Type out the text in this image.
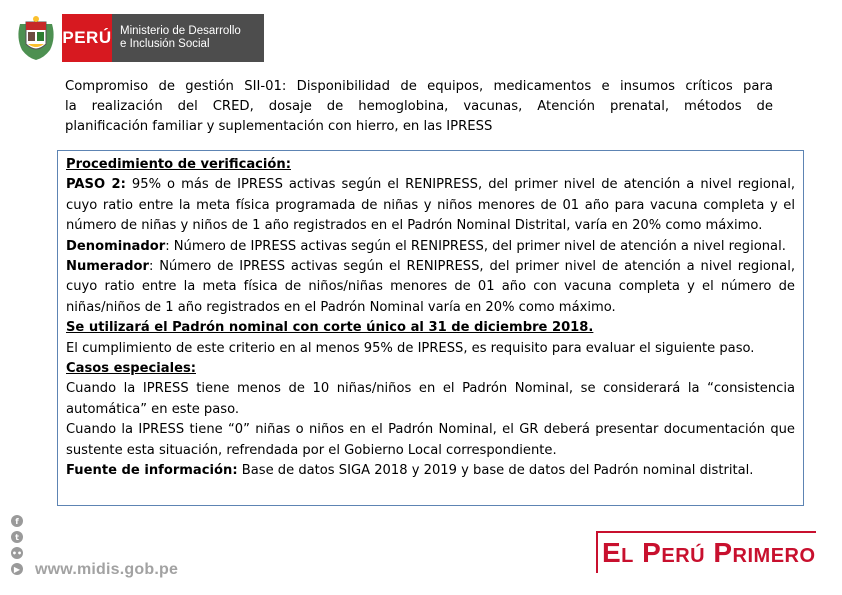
PERÚ Ministerio de Desarrollo
e Inclusión Social
Compromiso de gestión SII-01: Disponibilidad de equipos, medicamentos e insumos críticos para
la realización del CRED, dosaje de hemoglobina, vacunas, Atención prenatal, métodos de
planificación familiar y suplementación con hierro, en las IPRESS

Procedimiento de verificación:

PASO 2: 95% o más de IPRESS activas según el RENIPRESS, del primer nivel de atención a nivel regional, cuyo ratio entre la meta física programada de niñas y niños menores de 01 año para vacuna completa y el número de niñas y niños de 1 año registrados en el Padrón Nominal Distrital, varía en 20% como máximo.

Denominador: Número de IPRESS activas según el RENIPRESS, del primer nivel de atención a nivel regional.

Numerador: Número de IPRESS activas según el RENIPRESS, del primer nivel de atención a nivel regional, cuyo ratio entre la meta física de niños/niñas menores de 01 año con vacuna completa y el número de niñas/niños de 1 año registrados en el Padrón Nominal varía en 20% como máximo.

Se utilizará el Padrón nominal con corte único al 31 de diciembre 2018.

El cumplimiento de este criterio en al menos 95% de IPRESS, es requisito para evaluar el siguiente paso.

Casos especiales:

Cuando la IPRESS tiene menos de 10 niñas/niños en el Padrón Nominal, se considerará la “consistencia automática” en este paso.

Cuando la IPRESS tiene “0” niñas o niños en el Padrón Nominal, el GR deberá presentar documentación que sustente esta situación, refrendada por el Gobierno Local correspondiente.

Fuente de información: Base de datos SIGA 2018 y 2019 y base de datos del Padrón nominal distrital.

f
t
••
▶ www.midis.gob.pe
El Perú Primero
